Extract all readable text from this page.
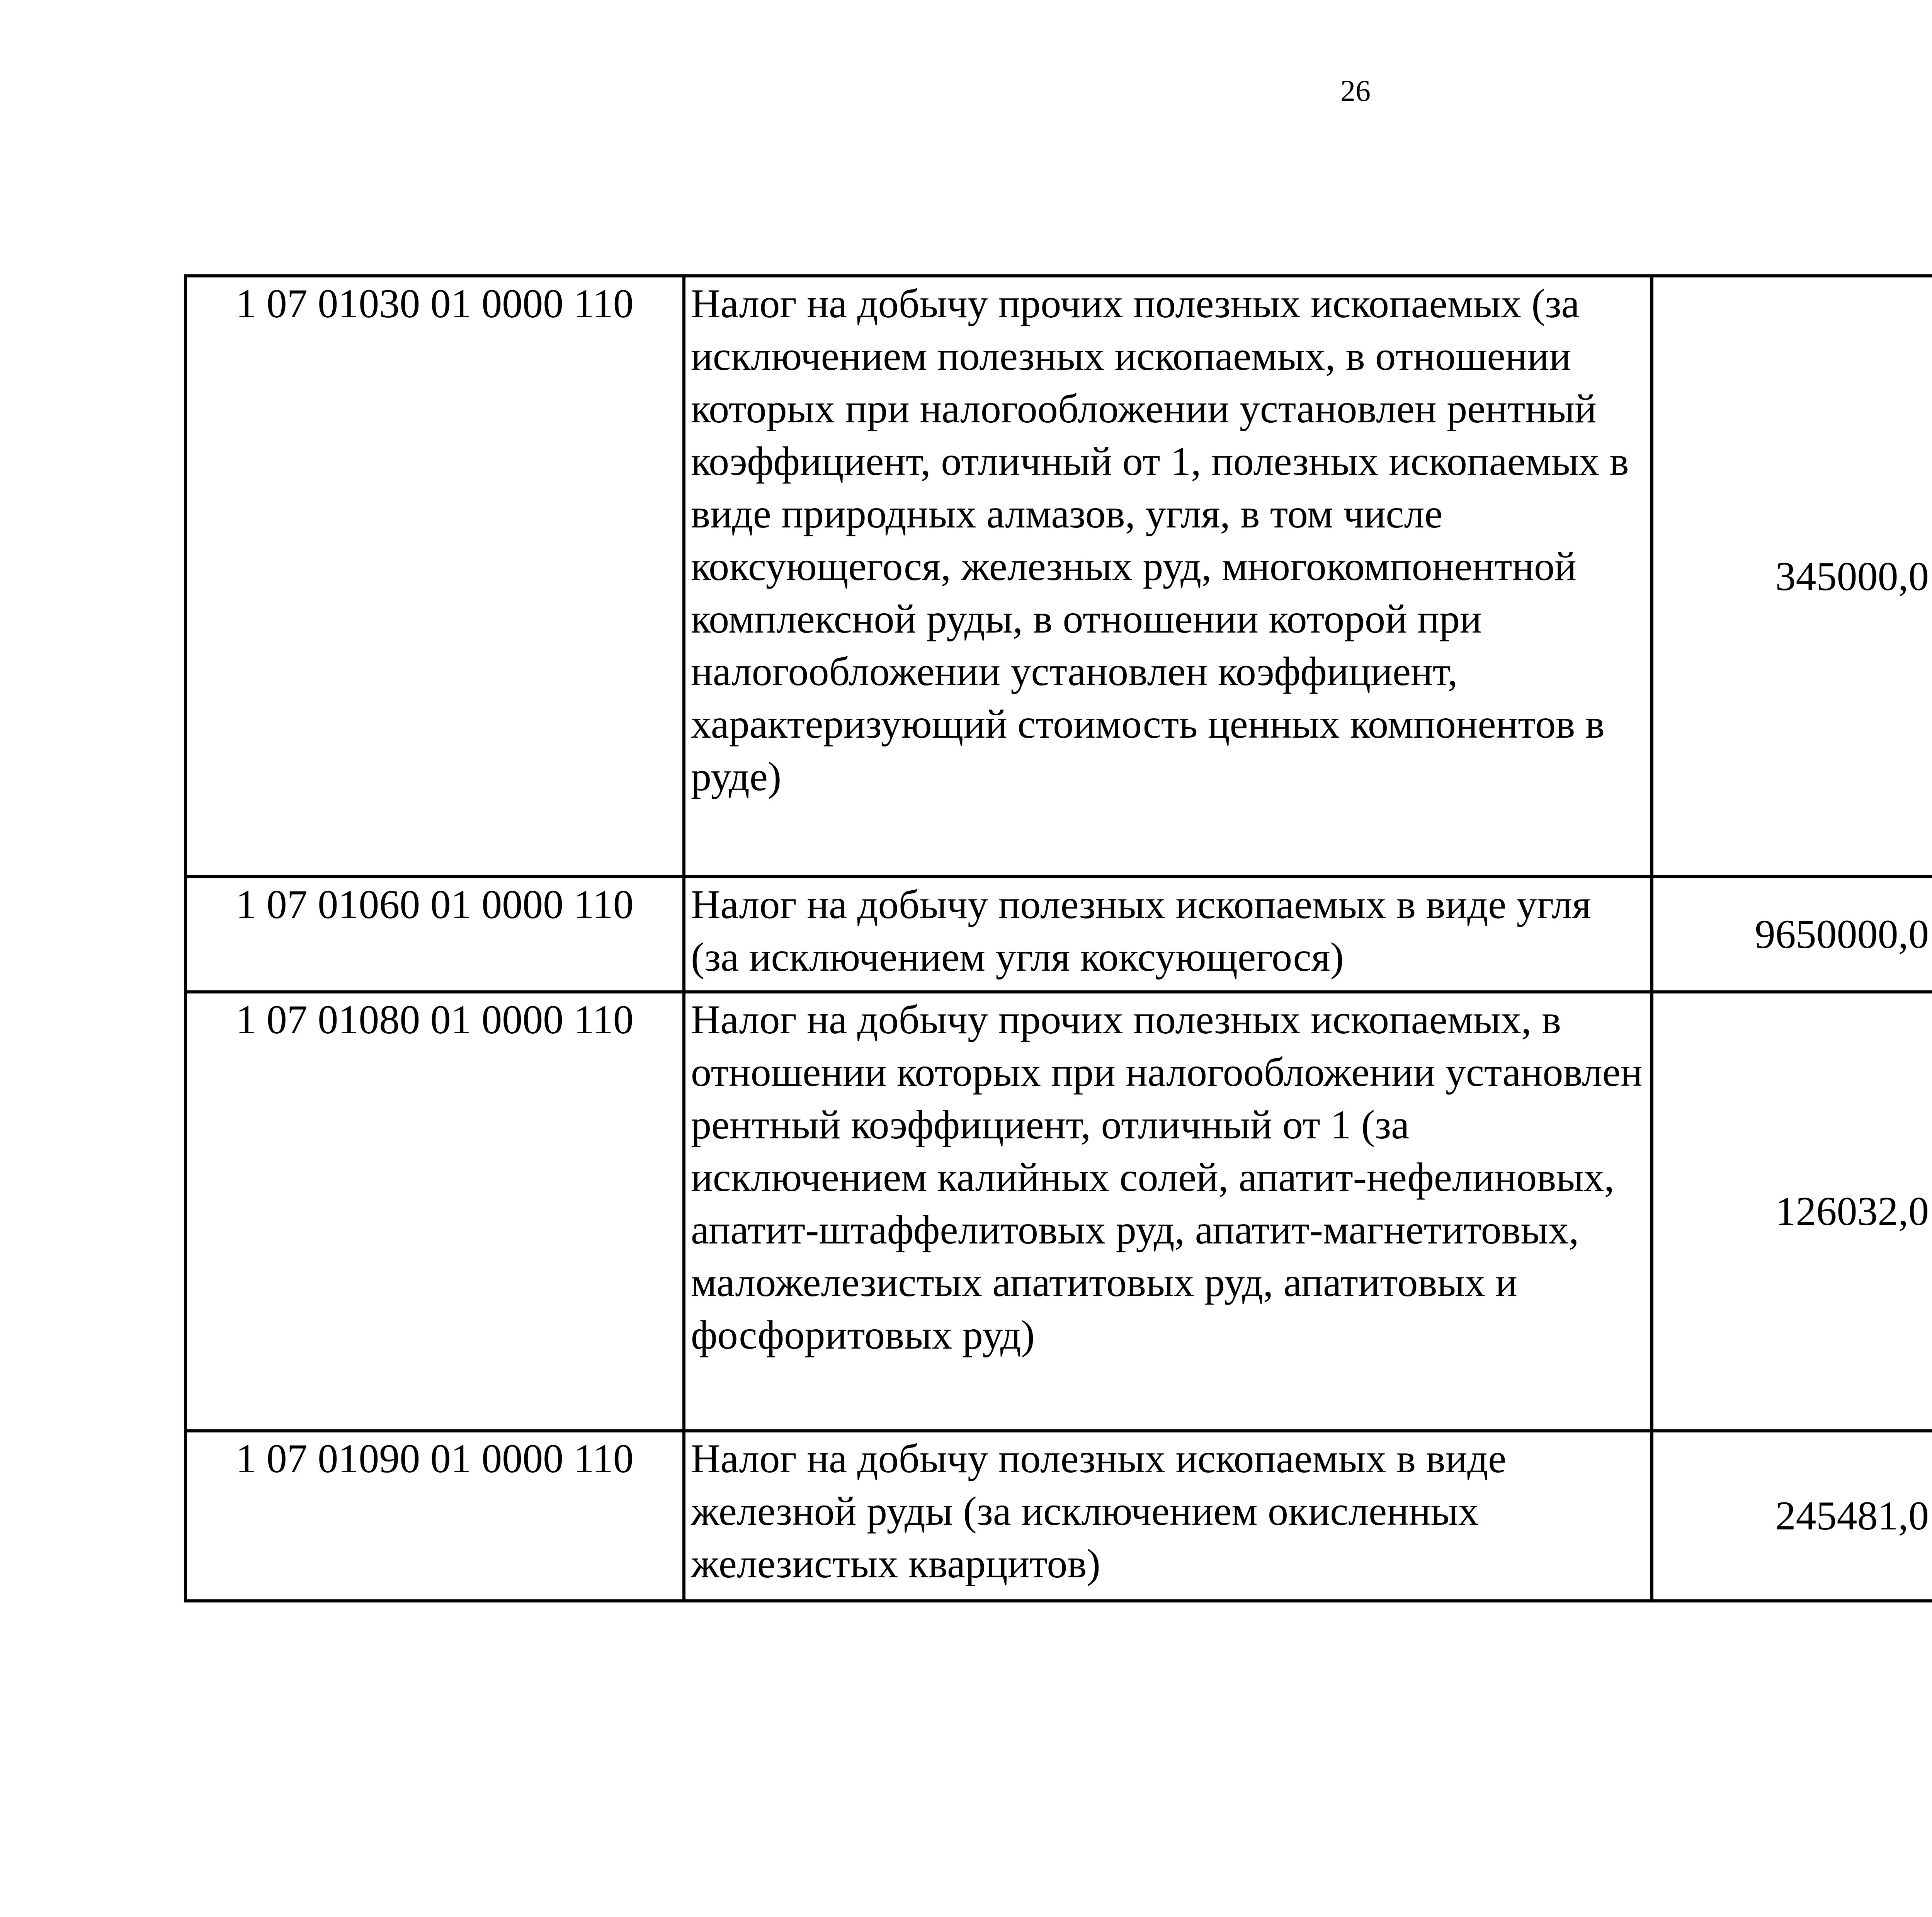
26
1 07 01030 01 0000 110	Налог на добычу прочих полезных ископаемых (за исключением полезных ископаемых, в отношении которых при налогообложении установлен рентный коэффициент, отличный от 1, полезных ископаемых в виде природных алмазов, угля, в том числе коксующегося, железных руд, многокомпонентной комплексной руды, в отношении которой при налогообложении установлен коэффициент, характеризующий стоимость ценных компонентов в руде)	345000,0		
1 07 01060 01 0000 110	Налог на добычу полезных ископаемых в виде угля (за исключением угля коксующегося)	9650000,0		
1 07 01080 01 0000 110	Налог на добычу прочих полезных ископаемых, в отношении которых при налогообложении установлен рентный коэффициент, отличный от 1 (за исключением калийных солей, апатит-нефелиновых, апатит-штаффелитовых руд, апатит-магнетитовых, маложелезистых апатитовых руд, апатитовых и фосфоритовых руд)	126032,0		
1 07 01090 01 0000 110	Налог на добычу полезных ископаемых в виде железной руды (за исключением окисленных железистых кварцитов)	245481,0		
